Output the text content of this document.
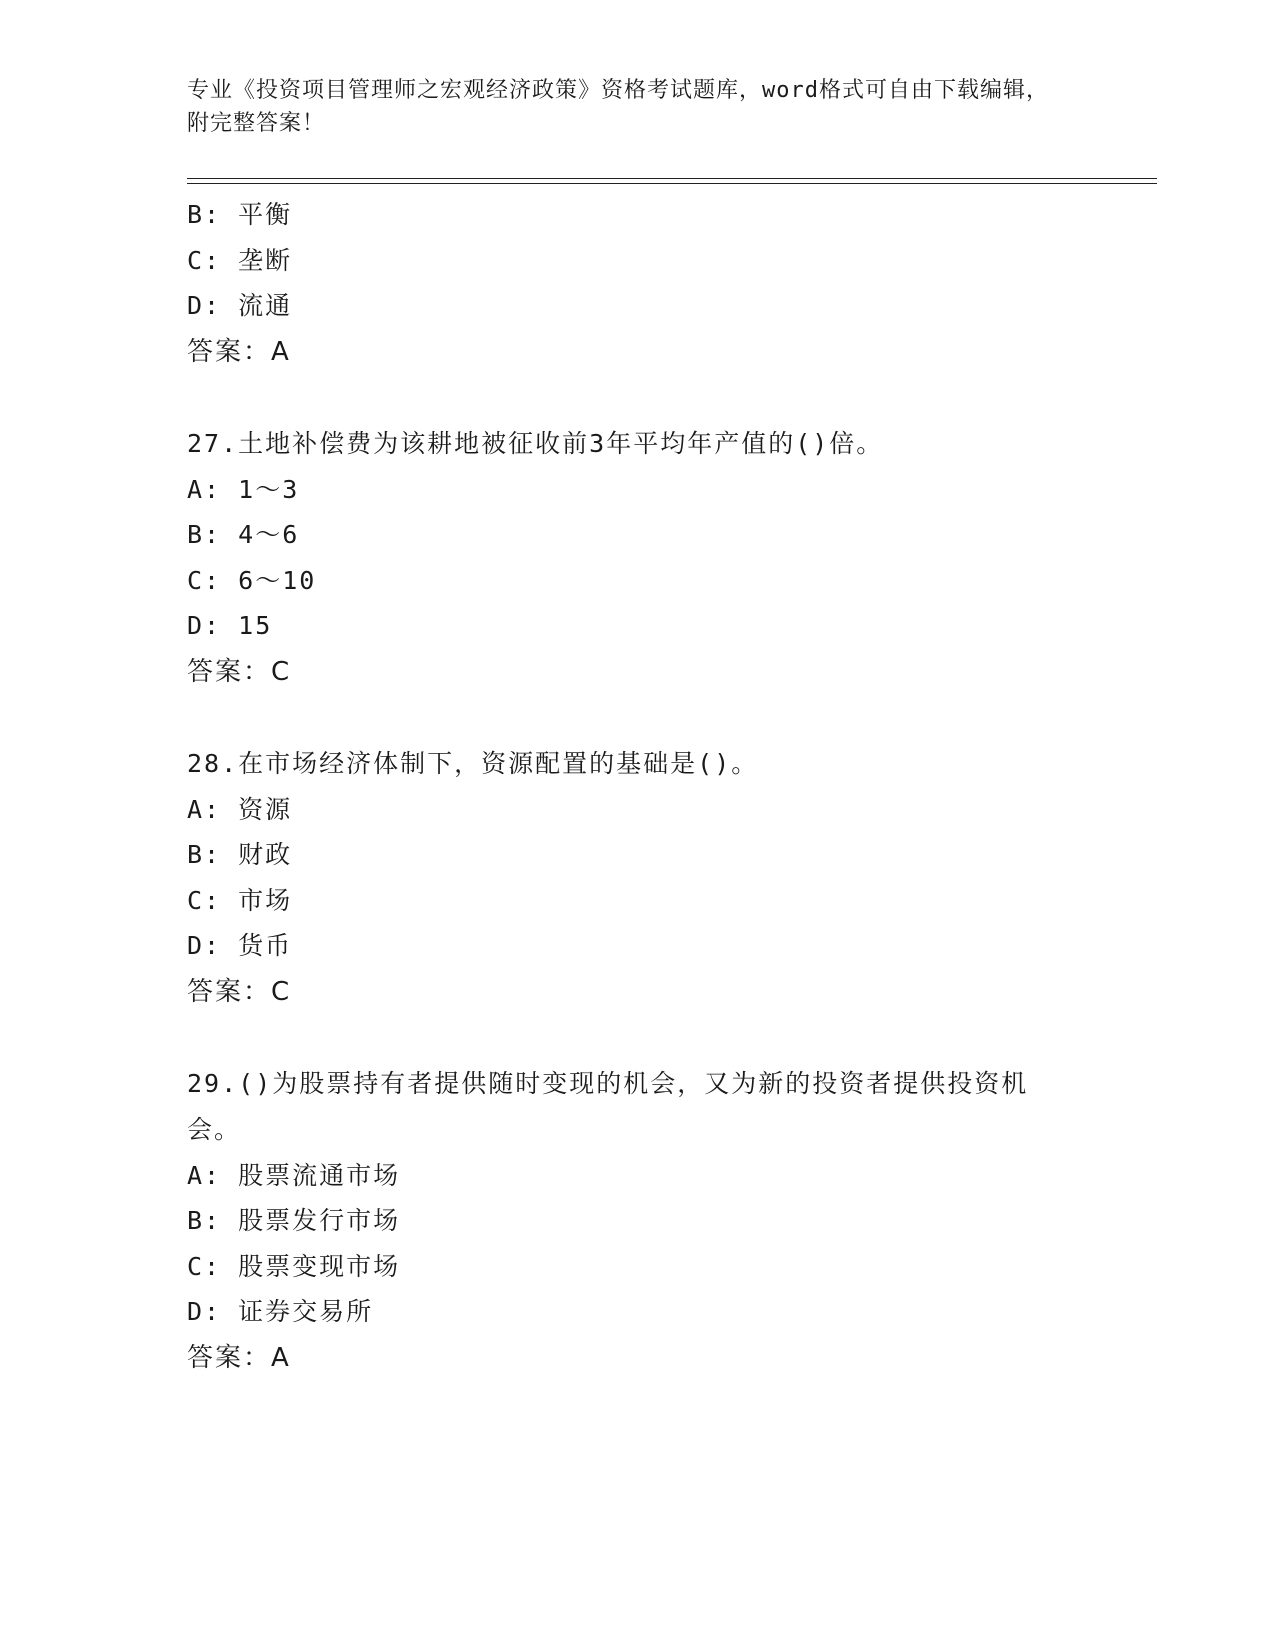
专业《投资项目管理师之宏观经济政策》资格考试题库，word格式可自由下载编辑，附完整答案！
B: 平衡
C: 垄断
D: 流通
答案：A
27.土地补偿费为该耕地被征收前3年平均年产值的()倍。
A: 1～3
B: 4～6
C: 6～10
D: 15
答案：C
28.在市场经济体制下，资源配置的基础是()。
A: 资源
B: 财政
C: 市场
D: 货币
答案：C
29.()为股票持有者提供随时变现的机会，又为新的投资者提供投资机会。
A: 股票流通市场
B: 股票发行市场
C: 股票变现市场
D: 证券交易所
答案：A
